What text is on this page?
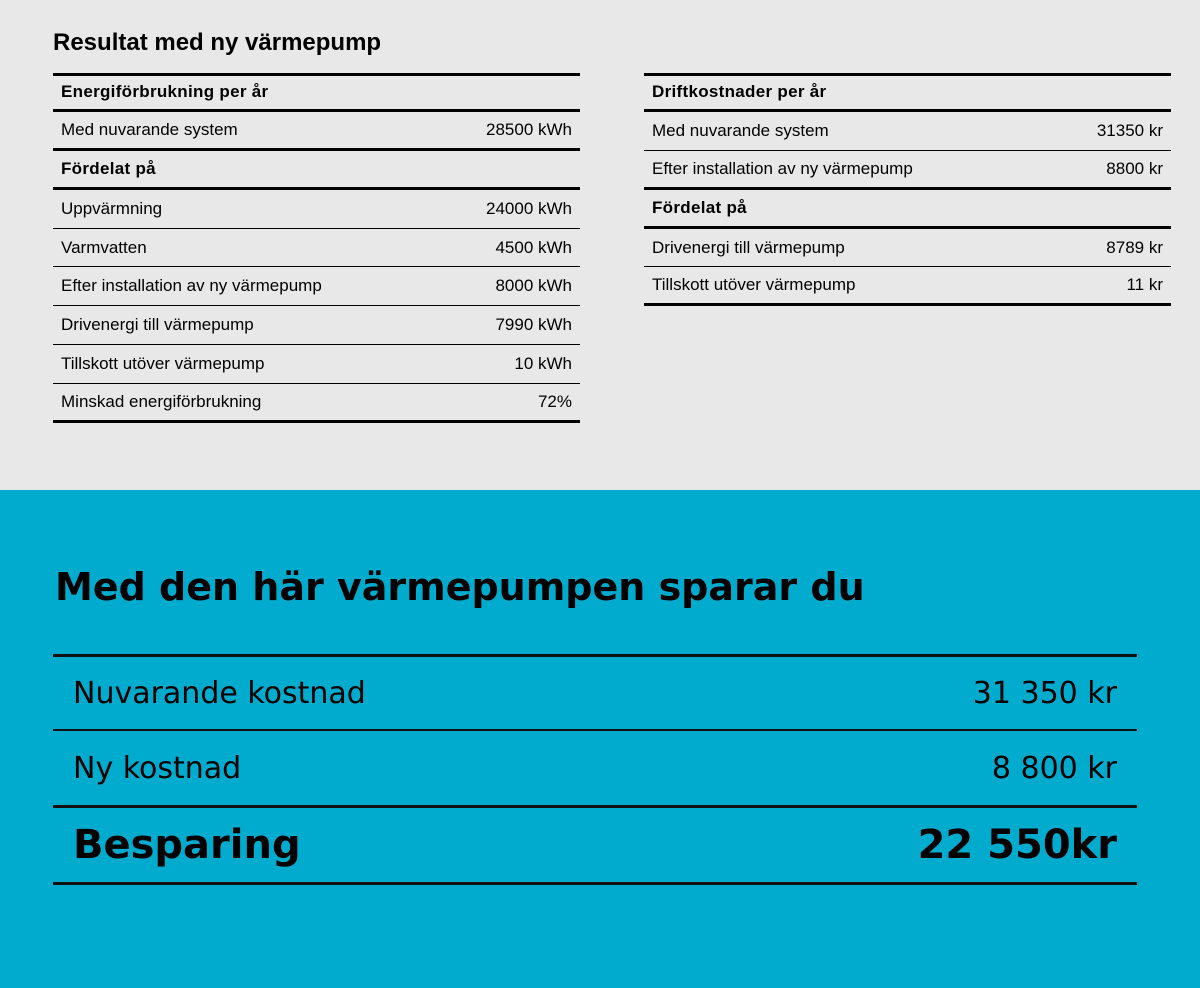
Resultat med ny värmepump
Energiförbrukning per år
Med nuvarande system	28500 kWh
Fördelat på
Uppvärmning	24000 kWh
Varmvatten	4500 kWh
Efter installation av ny värmepump	8000 kWh
Drivenergi till värmepump	7990 kWh
Tillskott utöver värmepump	10 kWh
Minskad energiförbrukning	72%
Driftkostnader per år
Med nuvarande system	31350 kr
Efter installation av ny värmepump	8800 kr
Fördelat på
Drivenergi till värmepump	8789 kr
Tillskott utöver värmepump	11 kr
Med den här värmepumpen sparar du
Nuvarande kostnad	31 350 kr
Ny kostnad	8 800 kr
Besparing	22 550kr
